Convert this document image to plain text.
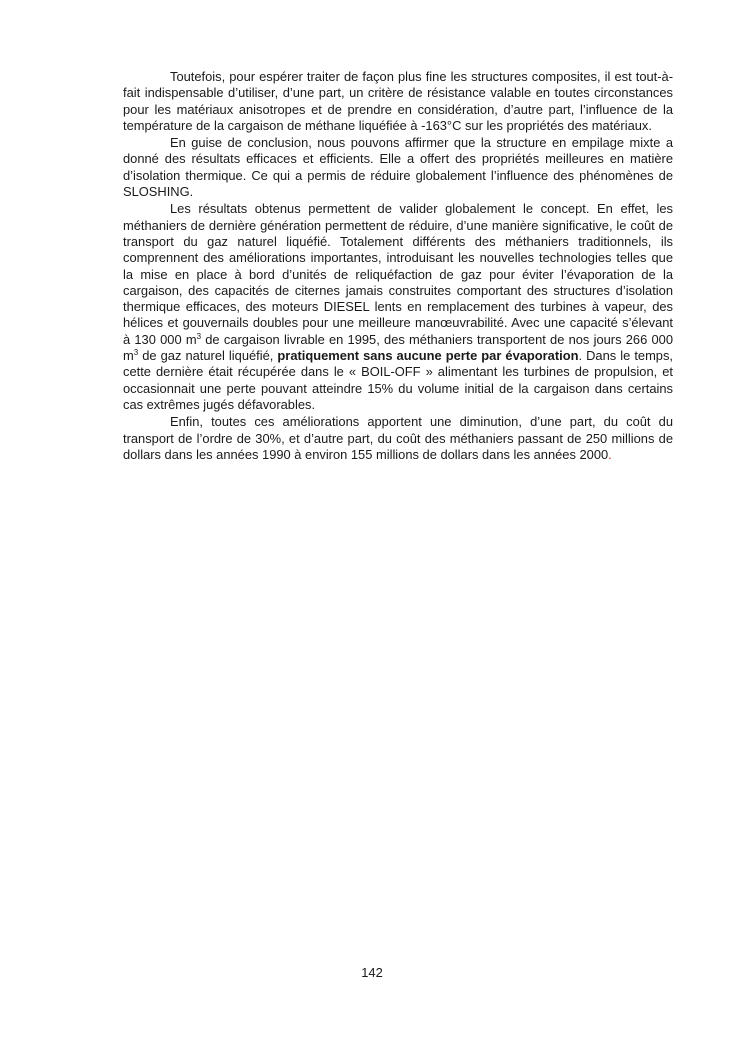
Toutefois, pour espérer traiter de façon plus fine les structures composites, il est tout-à-fait indispensable d’utiliser, d’une part, un critère de résistance valable en toutes circonstances pour les matériaux anisotropes et de prendre en considération, d’autre part, l’influence de la température de la cargaison de méthane liquéfiée à -163°C sur les propriétés des matériaux.

En guise de conclusion, nous pouvons affirmer que la structure en empilage mixte a donné des résultats efficaces et efficients. Elle a offert des propriétés meilleures en matière d’isolation thermique. Ce qui a permis de réduire globalement l’influence des phénomènes de SLOSHING.

Les résultats obtenus permettent de valider globalement le concept. En effet, les méthaniers de dernière génération permettent de réduire, d’une manière significative, le coût de transport du gaz naturel liquéfié. Totalement différents des méthaniers traditionnels, ils comprennent des améliorations importantes, introduisant les nouvelles technologies telles que la mise en place à bord d’unités de reliquéfaction de gaz pour éviter l’évaporation de la cargaison, des capacités de citernes jamais construites comportant des structures d’isolation thermique efficaces, des moteurs DIESEL lents en remplacement des turbines à vapeur, des hélices et gouvernails doubles pour une meilleure manœuvrabilité. Avec une capacité s’élevant à 130 000 $m^3$ de cargaison livrable en 1995, des méthaniers transportent de nos jours 266 000 $m^3$ de gaz naturel liquéfié, pratiquement sans aucune perte par évaporation. Dans le temps, cette dernière était récupérée dans le « BOIL-OFF » alimentant les turbines de propulsion, et occasionnait une perte pouvant atteindre 15% du volume initial de la cargaison dans certains cas extrêmes jugés défavorables.

Enfin, toutes ces améliorations apportent une diminution, d’une part, du coût du transport de l’ordre de 30%, et d’autre part, du coût des méthaniers passant de 250 millions de dollars dans les années 1990 à environ 155 millions de dollars dans les années 2000.

142
